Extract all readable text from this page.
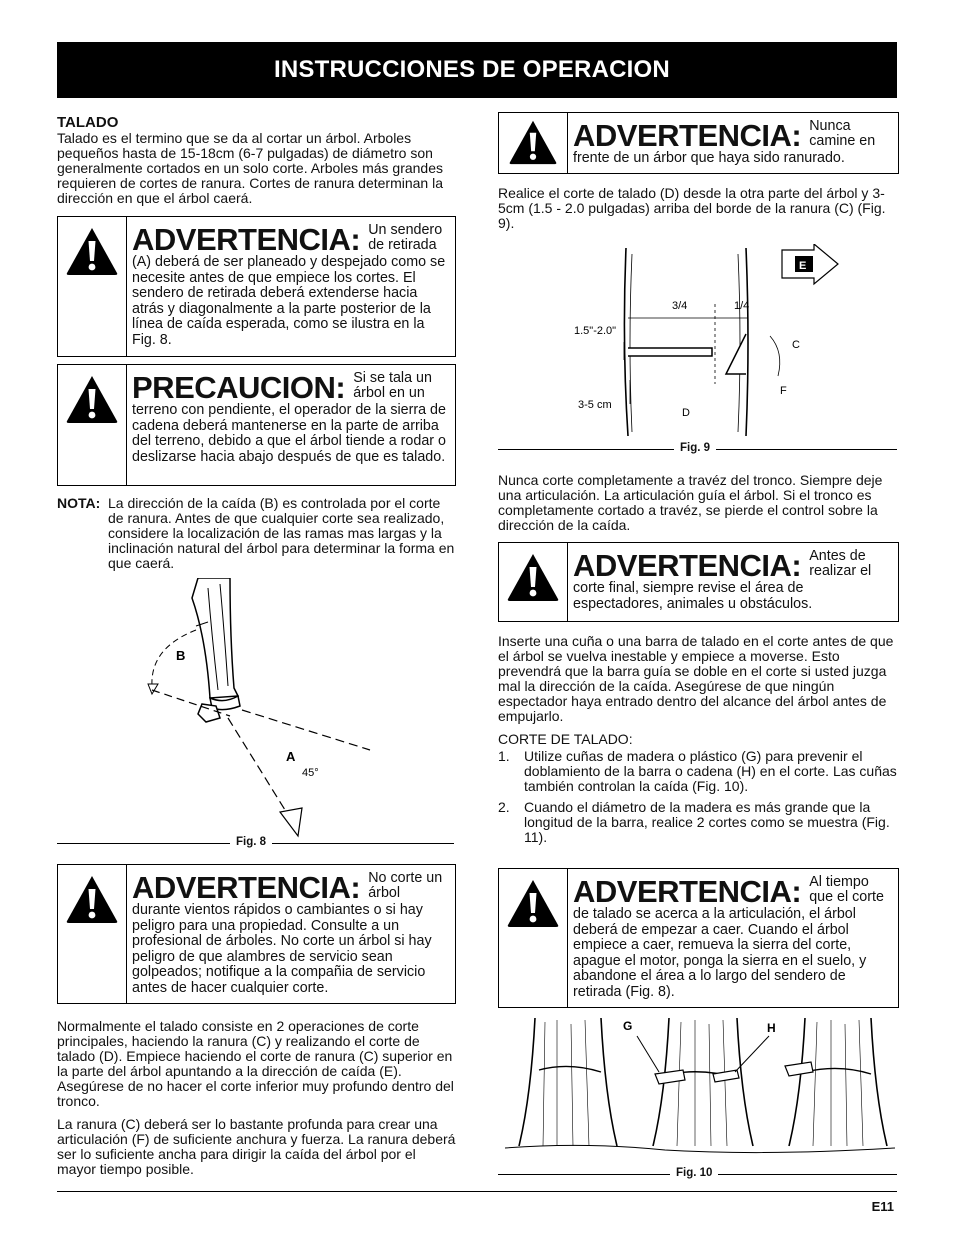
INSTRUCCIONES DE OPERACION
TALADO

Talado es el termino que se da al cortar un árbol. Arboles pequeños hasta de 15-18cm (6-7 pulgadas) de diámetro son generalmente cortados en un solo corte. Arboles más grandes requieren de cortes de ranura. Cortes de ranura determinan la dirección en que el árbol caerá.

ADVERTENCIA: Un sendero de retirada
(A) deberá de ser planeado y despejado como se necesite antes de que empiece los cortes. El sendero de retirada deberá extenderse hacia atrás y diagonalmente a la parte posterior de la línea de caída esperada, como se ilustra en la Fig. 8.
PRECAUCION: Si se tala un árbol en un
terreno con pendiente, el operador de la sierra de cadena deberá mantenerse en la parte de arriba del terreno, debido a que el árbol tiende a rodar o deslizarse hacia abajo después de que es talado.
NOTA: La dirección de la caída (B) es controlada por el corte de ranura. Antes de que cualquier corte sea realizado, considere la localización de las ramas mas largas y la inclinación natural del árbol para determinar la forma en que caerá.
B
A
45°
Fig. 8
ADVERTENCIA: No corte un árbol
durante vientos rápidos o cambiantes o si hay peligro para una propiedad. Consulte a un profesional de árboles. No corte un árbol si hay peligro de que alambres de servicio sean golpeados; notifique a la compañia de servicio antes de hacer cualquier corte.

Normalmente el talado consiste en 2 operaciones de corte principales, haciendo la ranura (C) y realizando el corte de talado (D). Empiece haciendo el corte de ranura (C) superior en la parte del árbol apuntando a la dirección de caída (E). Asegúrese de no hacer el corte inferior muy profundo dentro del tronco.

La ranura (C) deberá ser lo bastante profunda para crear una articulación (F) de suficiente anchura y fuerza. La ranura deberá ser lo suficiente ancha para dirigir la caída del árbol por el mayor tiempo posible.

ADVERTENCIA: Nunca camine en
frente de un árbor que haya sido ranurado.

Realice el corte de talado (D) desde la otra parte del árbol y 3-5cm (1.5 - 2.0 pulgadas) arriba del borde de la ranura (C) (Fig. 9).

E
3/4	1/4
1.5"-2.0"
C
F
3-5 cm
D
Fig. 9

Nunca corte completamente a travéz del tronco. Siempre deje una articulación. La articulación guía el árbol. Si el tronco es completamente cortado a travéz, se pierde el control sobre la dirección de la caída.

ADVERTENCIA: Antes de realizar el
corte final, siempre revise el área de espectadores, animales u obstáculos.

Inserte una cuña o una barra de talado en el corte antes de que el árbol se vuelva inestable y empiece a moverse. Esto prevendrá que la barra guía se doble en el corte si usted juzga mal la dirección de la caída. Asegúrese de que ningún espectador haya entrado dentro del alcance del árbol antes de empujarlo.

CORTE DE TALADO:
1. Utilize cuñas de madera o plástico (G) para prevenir el doblamiento de la barra o cadena (H) en el corte. Las cuñas también controlan la caída (Fig. 10).
2. Cuando el diámetro de la madera es más grande que la longitud de la barra, realice 2 cortes como se muestra (Fig. 11).
ADVERTENCIA: Al tiempo que el corte
de talado se acerca a la articulación, el árbol deberá de empezar a caer. Cuando el árbol empiece a caer, remueva la sierra del corte, apague el motor, ponga la sierra en el suelo, y abandone el área a lo largo del sendero de retirada (Fig. 8).
G	H
Fig. 10
E11
